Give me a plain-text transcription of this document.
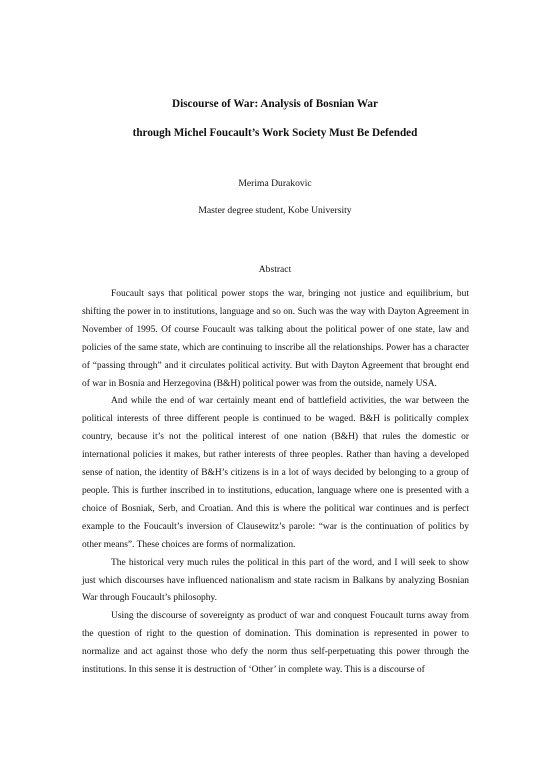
Discourse of War: Analysis of Bosnian War
through Michel Foucault’s Work Society Must Be Defended
Merima Durakovic
Master degree student, Kobe University
Abstract

Foucault says that political power stops the war, bringing not justice and equilibrium, but shifting the power in to institutions, language and so on. Such was the way with Dayton Agreement in November of 1995. Of course Foucault was talking about the political power of one state, law and policies of the same state, which are continuing to inscribe all the relationships. Power has a character of “passing through” and it circulates political activity. But with Dayton Agreement that brought end of war in Bosnia and Herzegovina (B&H) political power was from the outside, namely USA.

And while the end of war certainly meant end of battlefield activities, the war between the political interests of three different people is continued to be waged. B&H is politically complex country, because it’s not the political interest of one nation (B&H) that rules the domestic or international policies it makes, but rather interests of three peoples. Rather than having a developed sense of nation, the identity of B&H’s citizens is in a lot of ways decided by belonging to a group of people. This is further inscribed in to institutions, education, language where one is presented with a choice of Bosniak, Serb, and Croatian. And this is where the political war continues and is perfect example to the Foucault’s inversion of Clausewitz’s parole: “war is the continuation of politics by other means”. These choices are forms of normalization.

The historical very much rules the political in this part of the word, and I will seek to show just which discourses have influenced nationalism and state racism in Balkans by analyzing Bosnian War through Foucault’s philosophy.

Using the discourse of sovereignty as product of war and conquest Foucault turns away from the question of right to the question of domination. This domination is represented in power to normalize and act against those who defy the norm thus self-perpetuating this power through the institutions. In this sense it is destruction of ‘Other’ in complete way. This is a discourse of
